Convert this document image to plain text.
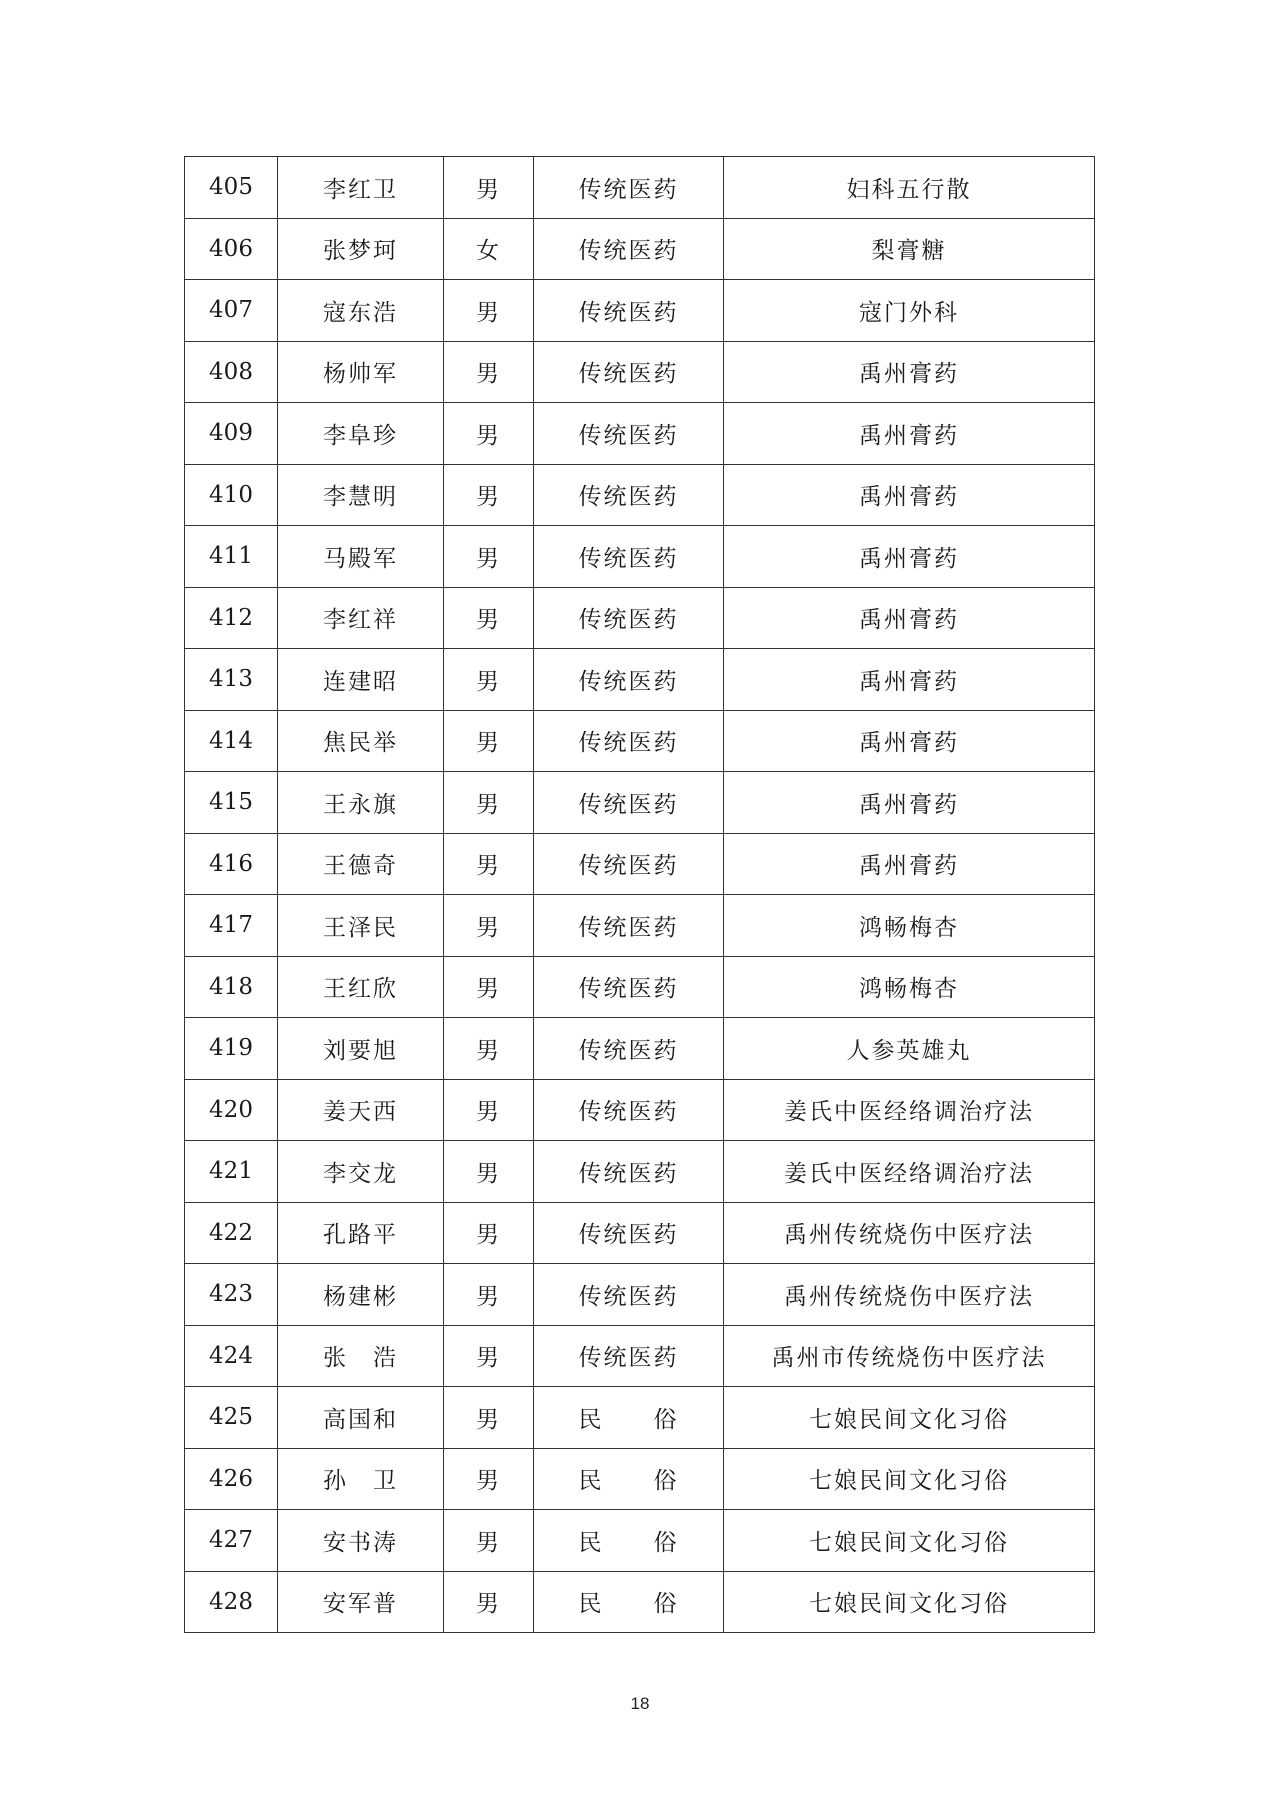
405	李红卫	男	传统医药	妇科五行散
406	张梦珂	女	传统医药	梨膏糖
407	寇东浩	男	传统医药	寇门外科
408	杨帅军	男	传统医药	禹州膏药
409	李阜珍	男	传统医药	禹州膏药
410	李慧明	男	传统医药	禹州膏药
411	马殿军	男	传统医药	禹州膏药
412	李红祥	男	传统医药	禹州膏药
413	连建昭	男	传统医药	禹州膏药
414	焦民举	男	传统医药	禹州膏药
415	王永旗	男	传统医药	禹州膏药
416	王德奇	男	传统医药	禹州膏药
417	王泽民	男	传统医药	鸿畅梅杏
418	王红欣	男	传统医药	鸿畅梅杏
419	刘要旭	男	传统医药	人参英雄丸
420	姜天西	男	传统医药	姜氏中医经络调治疗法
421	李交龙	男	传统医药	姜氏中医经络调治疗法
422	孔路平	男	传统医药	禹州传统烧伤中医疗法
423	杨建彬	男	传统医药	禹州传统烧伤中医疗法
424	张　浩	男	传统医药	禹州市传统烧伤中医疗法
425	高国和	男	民　　俗	七娘民间文化习俗
426	孙　卫	男	民　　俗	七娘民间文化习俗
427	安书涛	男	民　　俗	七娘民间文化习俗
428	安军普	男	民　　俗	七娘民间文化习俗
18
